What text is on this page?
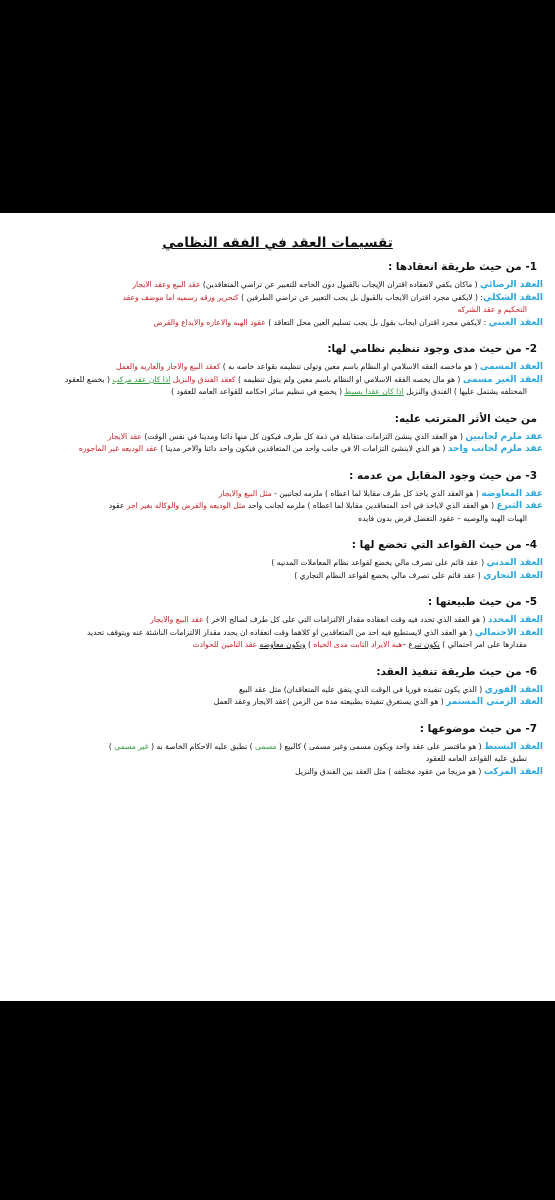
تقسيمات العقد في الفقه النظامي
1- من حيث طريقة انعقادها :

العقد الرضائي ( ماكان يكفي لانعقاده اقتران الإيجاب بالقبول دون الحاجه للتعبير عن تراضي المتعاقدين) عقد البيع وعقد الايجار

العقد الشكلي: ( لايكفي مجرد اقتران الايجاب بالقبول بل يجب التعبير عن تراضي الطرفين ) كتحرير ورقه رسميه اما موضف وعقد

التحكيم و عقد الشركه

العقد العيني : لايكفي مجرد اقتران ايجاب بقول بل يجب تسليم العين محل التعاقد ) عقود الهبه والاعاره والايداع والقرض

2- من حيث مدى وجود تنظيم نظامي لها:

العقد المسمى ( هو ماخصه الفقه الاسلامي او النظام باسم معين وتولى تنظيمه بقواعد خاصه به ) كعقد البيع والاجار والعاريه والعمل

العقد الغير مسمى ( هو مال يخصه الفقه الاسلامي او النظام باسم معين ولم يتول تنظيمه ) كعقد الفندق والنزيل اذا كان عقد مركب ( يخضع للعقود

المختلفه يشتمل عليها ) الفندق والنزيل اذا كان عقدا بسيط ( يخضع في تنظيم سائر احكامه للقواعد العامه للعقود )

من حيث الأثر المترتب عليه:

عقد ملزم لجانبين ( هو العقد الذي ينشئ التزامات متقابلة في ذمة كل طرف فيكون كل منها دائنا ومدينا في نفس الوقت) عقد الايجار

عقد ملزم لجانب واحد ( هو الذي لاينشئ التزامات الا في جانب واحد من المتعاقدين فيكون واحد دائنا والاخر مدينا ) عقد الوديعه غير الماجوره

3- من حيث وجود المقابل من عدمه :

عقد المعاوضه ( هو العقد الذي ياخذ كل طرف مقابلا لما اعطاه ) ملزمه لجانبين - مثل البيع والايجار

عقد التبرع ( هو العقد الذي لاياخذ في احد المتعاقدين مقابلا لما اعطاه ) ملزمه لجانب واحد مثل الوديعه والقرض والوكاله بغير اجر عقود

الهبات الهبه والوصيه – عقود التفضل قرض بدون فايده

4- من حيث القواعد التي تخضع لها :

العقد المدني ( عقد قائم على تصرف مالي يخضع لقواعد نظام المعاملات المدنيه )

العقد التجاري ( عقد قائم على تصرف مالي يخضع لقواعد النظام التجاري )

5- من حيث طبيعتها :

العقد المحدد ( هو العقد الذي تحدد فيه وقت انعقاده مقدار الالتزامات التي على كل طرف لصالح الاخر ) عقد البيع والايجار

العقد الاحتمالي ( هو العقد الذي لايستطيع فيه احد من المتعاقدين او كلاهما وقت انعقاده ان يحدد مقدار الالتزامات الناشئة عنه ويتوقف تحديد

مقدارها على امر احتمالي ) يكون تبرع –هبه الايراد الثابت مدى الحياه ) ويكون معاوضه عقد التامين للحوادث

6- من حيث طريقة تنفيذ العقد:

العقد الفوري ( الذي يكون تنفيذه فوريا في الوقت الذي يتفق عليه المتعاقدان) مثل عقد البيع

العقد الزمني المستمر ( هو الذي يستغرق تنفيذه بطبيعته مدة من الزمن )عقد الايجار وعقد العمل

7- من حيث موضوعها :

العقد البسيط ( هو ماقتصر على عقد واحد ويكون مسمى وغير مسمى ) كالبيع ( مسمى ) تطبق عليه الاحكام الخاصة به ( غير مسمى )

تطبق عليه القواعد العامه للعقود

العقد المركب ( هو مزيجا من عقود مختلفه ) مثل العقد بين الفندق والنزيل
